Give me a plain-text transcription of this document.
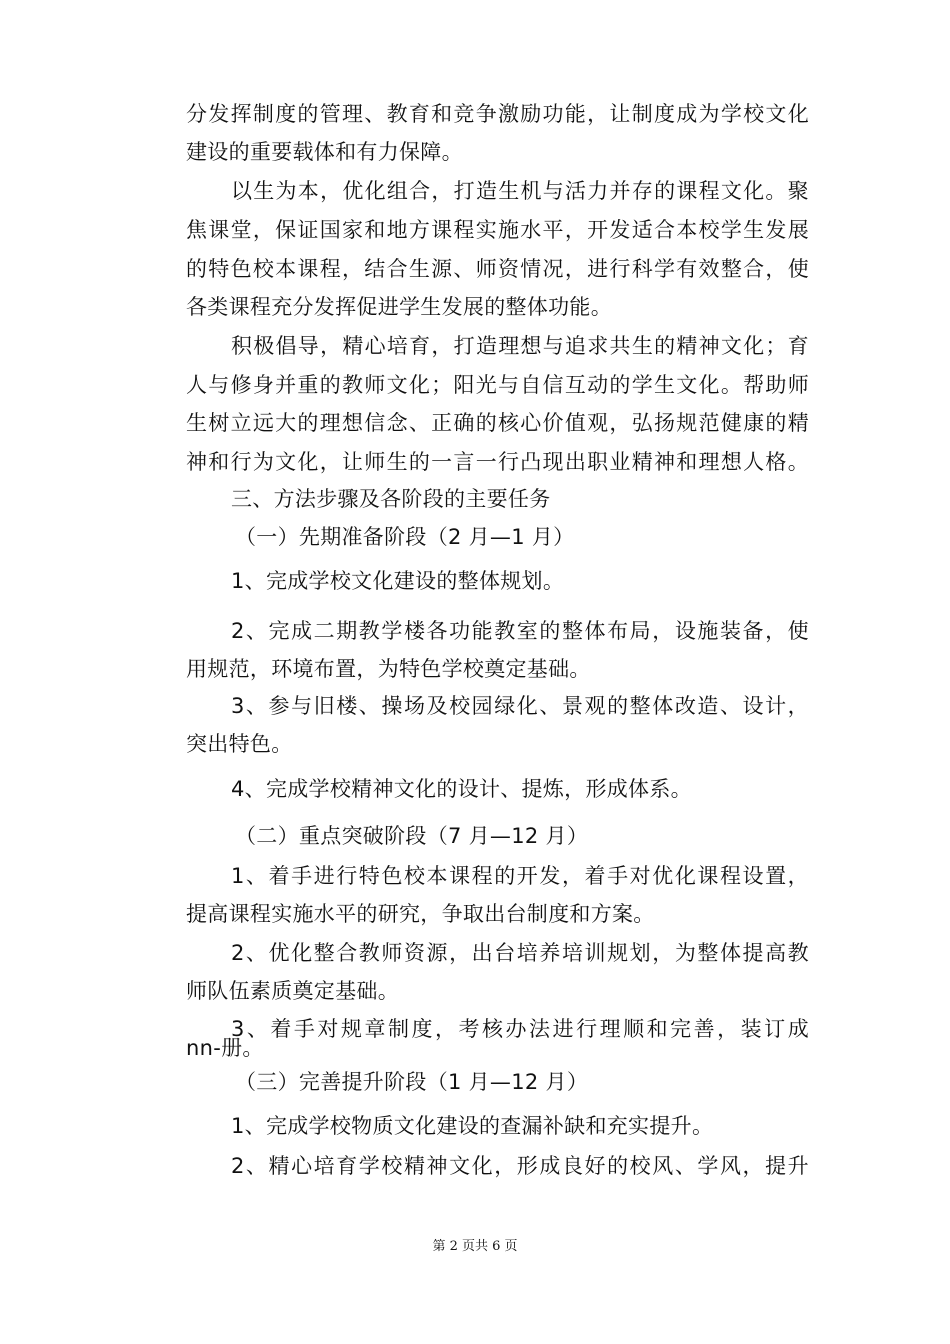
分发挥制度的管理、教育和竞争激励功能，让制度成为学校文化
建设的重要载体和有力保障。
以生为本，优化组合，打造生机与活力并存的课程文化。聚
焦课堂，保证国家和地方课程实施水平，开发适合本校学生发展
的特色校本课程，结合生源、师资情况，进行科学有效整合，使
各类课程充分发挥促进学生发展的整体功能。
积极倡导，精心培育，打造理想与追求共生的精神文化；育
人与修身并重的教师文化；阳光与自信互动的学生文化。帮助师
生树立远大的理想信念、正确的核心价值观，弘扬规范健康的精
神和行为文化，让师生的一言一行凸现出职业精神和理想人格。
三、方法步骤及各阶段的主要任务
（一）先期准备阶段（2 月—1 月）
1、完成学校文化建设的整体规划。
2、完成二期教学楼各功能教室的整体布局，设施装备，使
用规范，环境布置，为特色学校奠定基础。
3、参与旧楼、操场及校园绿化、景观的整体改造、设计，
突出特色。
4、完成学校精神文化的设计、提炼，形成体系。
（二）重点突破阶段（7 月—12 月）
1、着手进行特色校本课程的开发，着手对优化课程设置，
提高课程实施水平的研究，争取出台制度和方案。
2、优化整合教师资源，出台培养培训规划，为整体提高教
师队伍素质奠定基础。
3、着手对规章制度，考核办法进行理顺和完善，装订成
nn-册。
（三）完善提升阶段（1 月—12 月）
1、完成学校物质文化建设的查漏补缺和充实提升。
2、精心培育学校精神文化，形成良好的校风、学风，提升
第 2 页共 6 页
